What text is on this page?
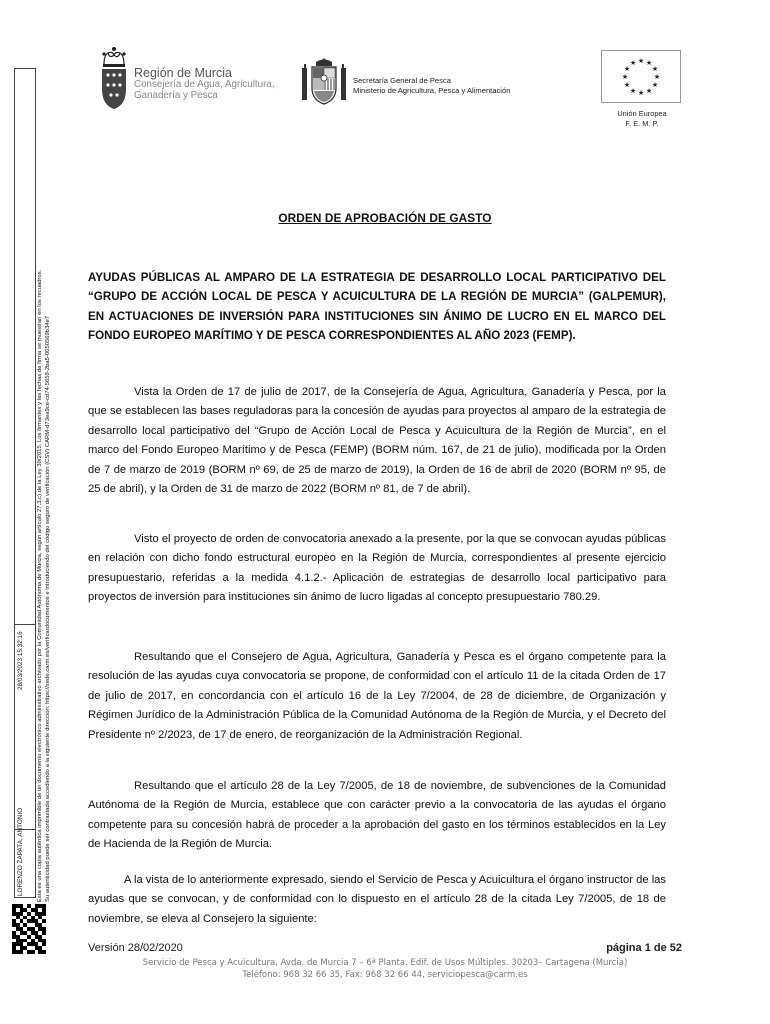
LORENZO ZAPATA, ANTONIO
28/03/2023 15:32:16 Esta es una copia auténtica imprimible de un documento electrónico administrativo archivado por la Comunidad Autónoma de Murcia, según artículo 27.3.c) de la Ley 39/2015. Los firmantes y las fechas de firma se muestran en los recuadros. Su autenticidad puede ser contrastada accediendo a la siguiente dirección: https://sede.carm.es/verificardocumentos e introduciendo del código seguro de verificación (CSV) CARM-d73ea9ce-cd74-5659-2ba5-0050569b34e7
Región de Murcia
Consejería de Agua, Agricultura,
Ganadería y Pesca
Secretaría General de Pesca
Ministerio de Agricultura, Pesca y Alimentación
★ ★
★
★
★
★
★
★
★
★
★
★
Unión Europea
F. E. M. P.
ORDEN DE APROBACIÓN DE GASTO
AYUDAS PÚBLICAS AL AMPARO DE LA ESTRATEGIA DE DESARROLLO LOCAL PARTICIPATIVO DEL “GRUPO DE ACCIÓN LOCAL DE PESCA Y ACUICULTURA DE LA REGIÓN DE MURCIA” (GALPEMUR), EN ACTUACIONES DE INVERSIÓN PARA INSTITUCIONES SIN ÁNIMO DE LUCRO EN EL MARCO DEL FONDO EUROPEO MARÍTIMO Y DE PESCA CORRESPONDIENTES AL AÑO 2023 (FEMP).
Vista la Orden de 17 de julio de 2017, de la Consejería de Agua, Agricultura, Ganadería y Pesca, por la que se establecen las bases reguladoras para la concesión de ayudas para proyectos al amparo de la estrategia de desarrollo local participativo del “Grupo de Acción Local de Pesca y Acuicultura de la Región de Murcia”, en el marco del Fondo Europeo Marítimo y de Pesca (FEMP) (BORM núm. 167, de 21 de julio), modificada por la Orden de 7 de marzo de 2019 (BORM nº 69, de 25 de marzo de 2019), la Orden de 16 de abril de 2020 (BORM nº 95, de 25 de abril), y la Orden de 31 de marzo de 2022 (BORM nº 81, de 7 de abril).
Visto el proyecto de orden de convocatoria anexado a la presente, por la que se convocan ayudas públicas en relación con dicho fondo estructural europeo en la Región de Murcia, correspondientes al presente ejercicio presupuestario, referidas a la medida 4.1.2.- Aplicación de estrategias de desarrollo local participativo para proyectos de inversión para instituciones sin ánimo de lucro ligadas al concepto presupuestario 780.29.
Resultando que el Consejero de Agua, Agricultura, Ganadería y Pesca es el órgano competente para la resolución de las ayudas cuya convocatoria se propone, de conformidad con el artículo 11 de la citada Orden de 17 de julio de 2017, en concordancia con el artículo 16 de la Ley 7/2004, de 28 de diciembre, de Organización y Régimen Jurídico de la Administración Pública de la Comunidad Autónoma de la Región de Murcia, y el Decreto del Presidente nº 2/2023, de 17 de enero, de reorganización de la Administración Regional.
Resultando que el artículo 28 de la Ley 7/2005, de 18 de noviembre, de subvenciones de la Comunidad Autónoma de la Región de Murcia, establece que con carácter previo a la convocatoria de las ayudas el órgano competente para su concesión habrá de proceder a la aprobación del gasto en los términos establecidos en la Ley de Hacienda de la Región de Murcia.
A la vista de lo anteriormente expresado, siendo el Servicio de Pesca y Acuicultura el órgano instructor de las ayudas que se convocan, y de conformidad con lo dispuesto en el artículo 28 de la citada Ley 7/2005, de 18 de noviembre, se eleva al Consejero la siguiente:
Versión 28/02/2020	página 1 de 52
Servicio de Pesca y Acuicultura, Avda. de Murcia 7 – 6ª Planta. Edif. de Usos Múltiples. 30203– Cartagena (Murcia)
Teléfono: 968 32 66 35, Fax: 968 32 66 44, serviciopesca@carm.es
